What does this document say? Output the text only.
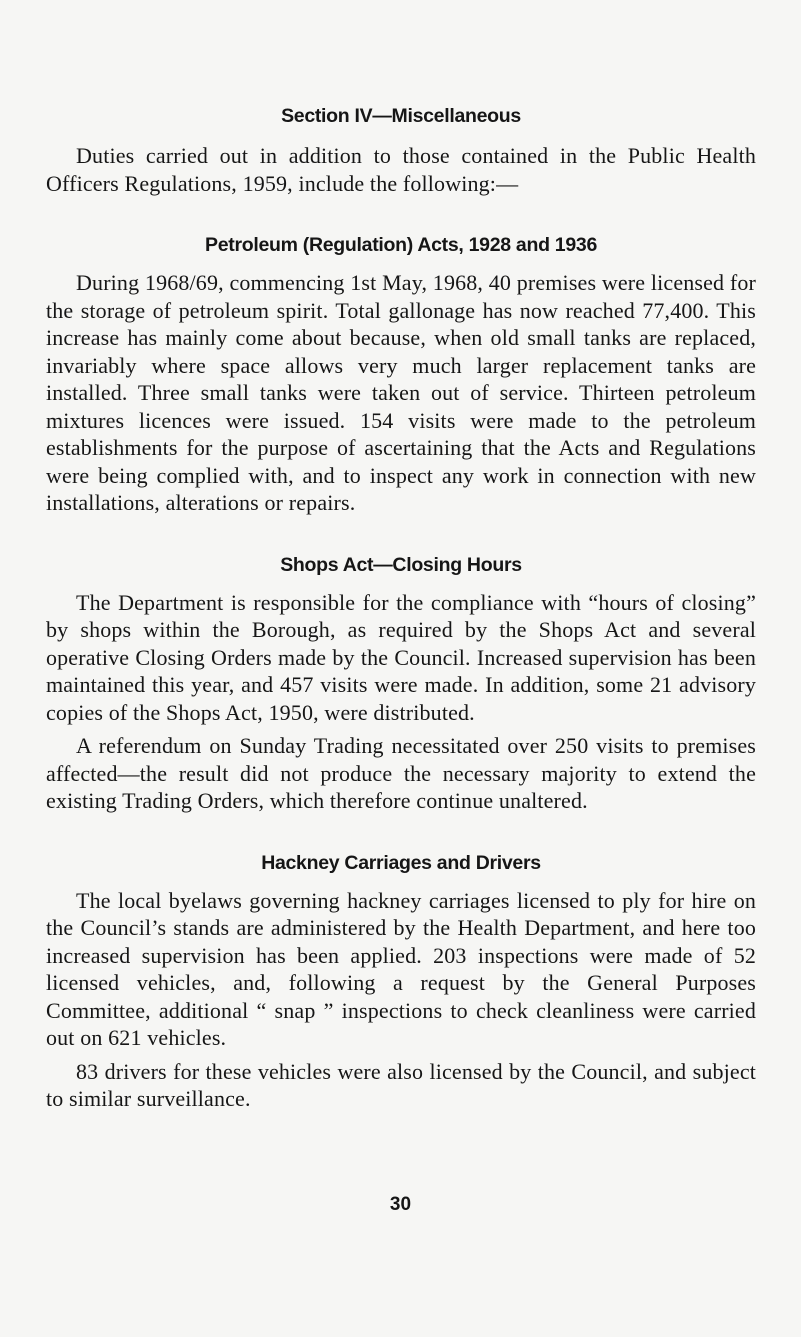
Section IV—Miscellaneous

Duties carried out in addition to those contained in the Public Health Officers Regulations, 1959, include the following:—

Petroleum (Regulation) Acts, 1928 and 1936

During 1968/69, commencing 1st May, 1968, 40 premises were licensed for the storage of petroleum spirit. Total gallonage has now reached 77,400. This increase has mainly come about because, when old small tanks are replaced, invariably where space allows very much larger replacement tanks are installed. Three small tanks were taken out of service. Thirteen petroleum mixtures licences were issued. 154 visits were made to the petroleum establishments for the purpose of ascertaining that the Acts and Regulations were being complied with, and to inspect any work in connection with new installations, alterations or repairs.

Shops Act—Closing Hours

The Department is responsible for the compliance with “hours of closing” by shops within the Borough, as required by the Shops Act and several operative Closing Orders made by the Council. Increased supervision has been maintained this year, and 457 visits were made. In addition, some 21 advisory copies of the Shops Act, 1950, were distributed.

A referendum on Sunday Trading necessitated over 250 visits to premises affected—the result did not produce the necessary majority to extend the existing Trading Orders, which therefore continue unaltered.

Hackney Carriages and Drivers

The local byelaws governing hackney carriages licensed to ply for hire on the Council’s stands are administered by the Health Department, and here too increased supervision has been applied. 203 inspections were made of 52 licensed vehicles, and, following a request by the General Purposes Committee, additional “ snap ” inspections to check cleanliness were carried out on 621 vehicles.

83 drivers for these vehicles were also licensed by the Council, and subject to similar surveillance.

30
